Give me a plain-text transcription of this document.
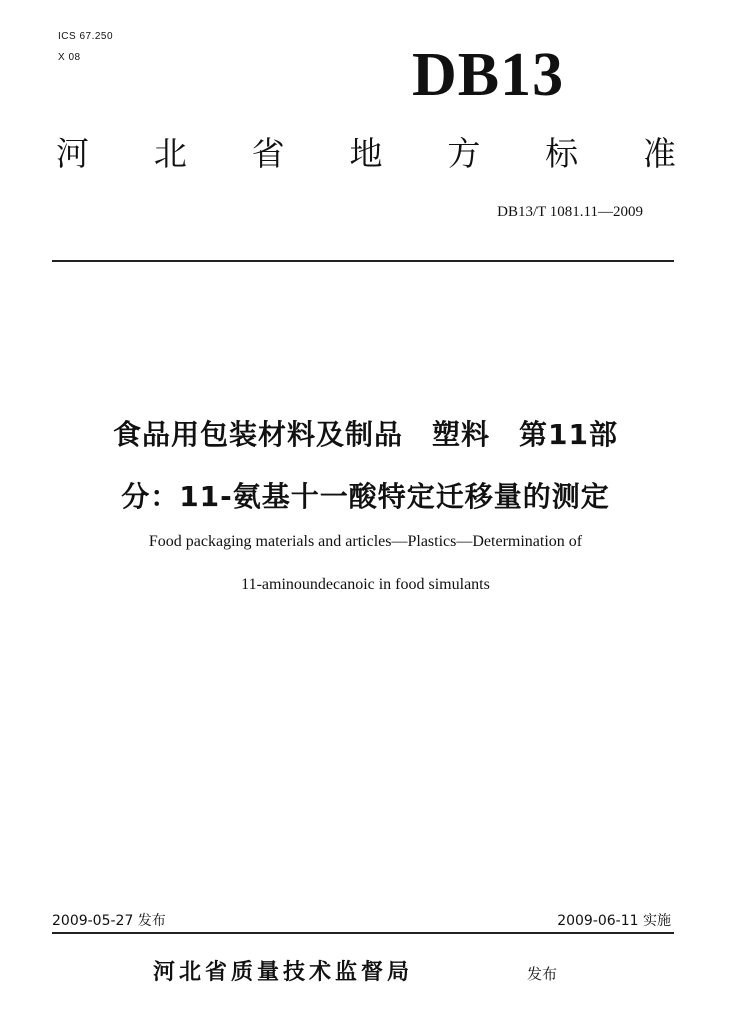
ICS 67.250
X 08	DB13
河 北 省 地 方 标 准
DB13/T 1081.11—2009
食品用包装材料及制品　塑料　第11部
分：11-氨基十一酸特定迁移量的测定
Food packaging materials and articles—Plastics—Determination of
11-aminoundecanoic in food simulants
2009-05-27 发布	2009-06-11 实施
河北省质量技术监督局	发布
